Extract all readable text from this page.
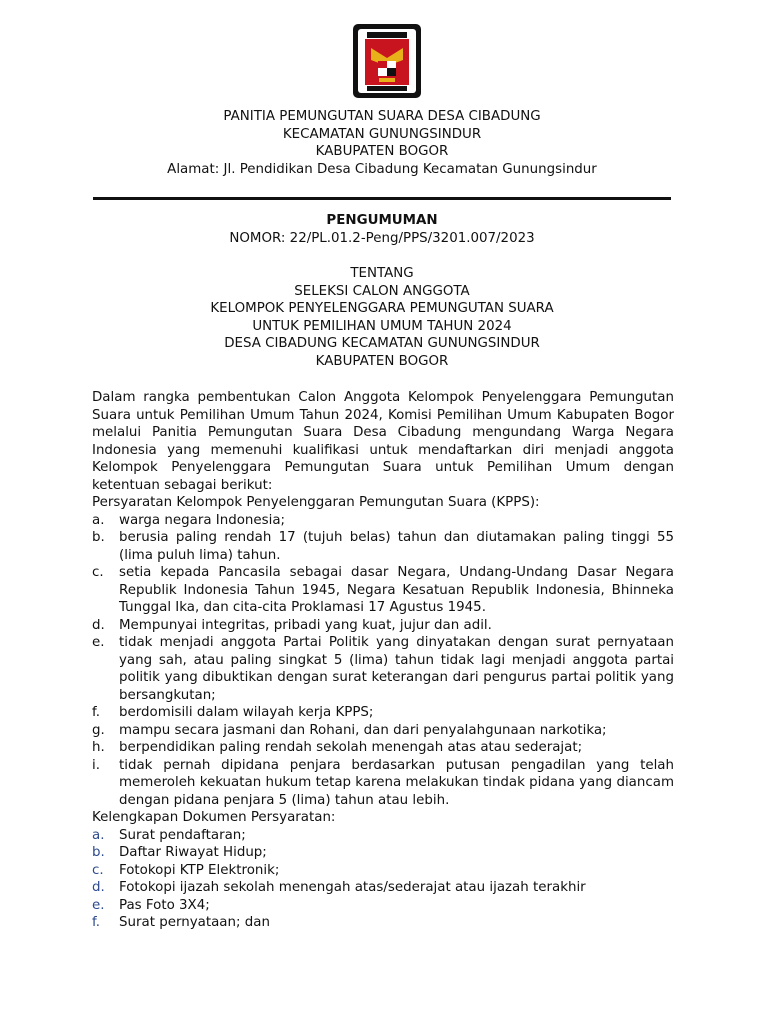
PANITIA PEMUNGUTAN SUARA DESA CIBADUNG
KECAMATAN GUNUNGSINDUR
KABUPATEN BOGOR
Alamat: Jl. Pendidikan Desa Cibadung Kecamatan Gunungsindur
PENGUMUMAN
NOMOR: 22/PL.01.2-Peng/PPS/3201.007/2023
TENTANG
SELEKSI CALON ANGGOTA
KELOMPOK PENYELENGGARA PEMUNGUTAN SUARA
UNTUK PEMILIHAN UMUM TAHUN 2024
DESA CIBADUNG KECAMATAN GUNUNGSINDUR
KABUPATEN BOGOR

Dalam rangka pembentukan Calon Anggota Kelompok Penyelenggara Pemungutan Suara untuk Pemilihan Umum Tahun 2024, Komisi Pemilihan Umum Kabupaten Bogor melalui Panitia Pemungutan Suara Desa Cibadung mengundang Warga Negara Indonesia yang memenuhi kualifikasi untuk mendaftarkan diri menjadi anggota Kelompok Penyelenggara Pemungutan Suara untuk Pemilihan Umum dengan ketentuan sebagai berikut:

Persyaratan Kelompok Penyelenggaran Pemungutan Suara (KPPS):
a.	warga negara Indonesia;
b.	berusia paling rendah 17 (tujuh belas) tahun dan diutamakan paling tinggi 55 (lima puluh lima) tahun.
c.	setia kepada Pancasila sebagai dasar Negara, Undang-Undang Dasar Negara Republik Indonesia Tahun 1945, Negara Kesatuan Republik Indonesia, Bhinneka Tunggal Ika, dan cita-cita Proklamasi 17 Agustus 1945.
d.	Mempunyai integritas, pribadi yang kuat, jujur dan adil.
e.	tidak menjadi anggota Partai Politik yang dinyatakan dengan surat pernyataan yang sah, atau paling singkat 5 (lima) tahun tidak lagi menjadi anggota partai politik yang dibuktikan dengan surat keterangan dari pengurus partai politik yang bersangkutan;
f.	berdomisili dalam wilayah kerja KPPS;
g.	mampu secara jasmani dan Rohani, dan dari penyalahgunaan narkotika;
h.	berpendidikan paling rendah sekolah menengah atas atau sederajat;
i.	tidak pernah dipidana penjara berdasarkan putusan pengadilan yang telah memeroleh kekuatan hukum tetap karena melakukan tindak pidana yang diancam dengan pidana penjara 5 (lima) tahun atau lebih.
Kelengkapan Dokumen Persyaratan:
a.	Surat pendaftaran;
b.	Daftar Riwayat Hidup;
c.	Fotokopi KTP Elektronik;
d.	Fotokopi ijazah sekolah menengah atas/sederajat atau ijazah terakhir
e.	Pas Foto 3X4;
f.	Surat pernyataan; dan
